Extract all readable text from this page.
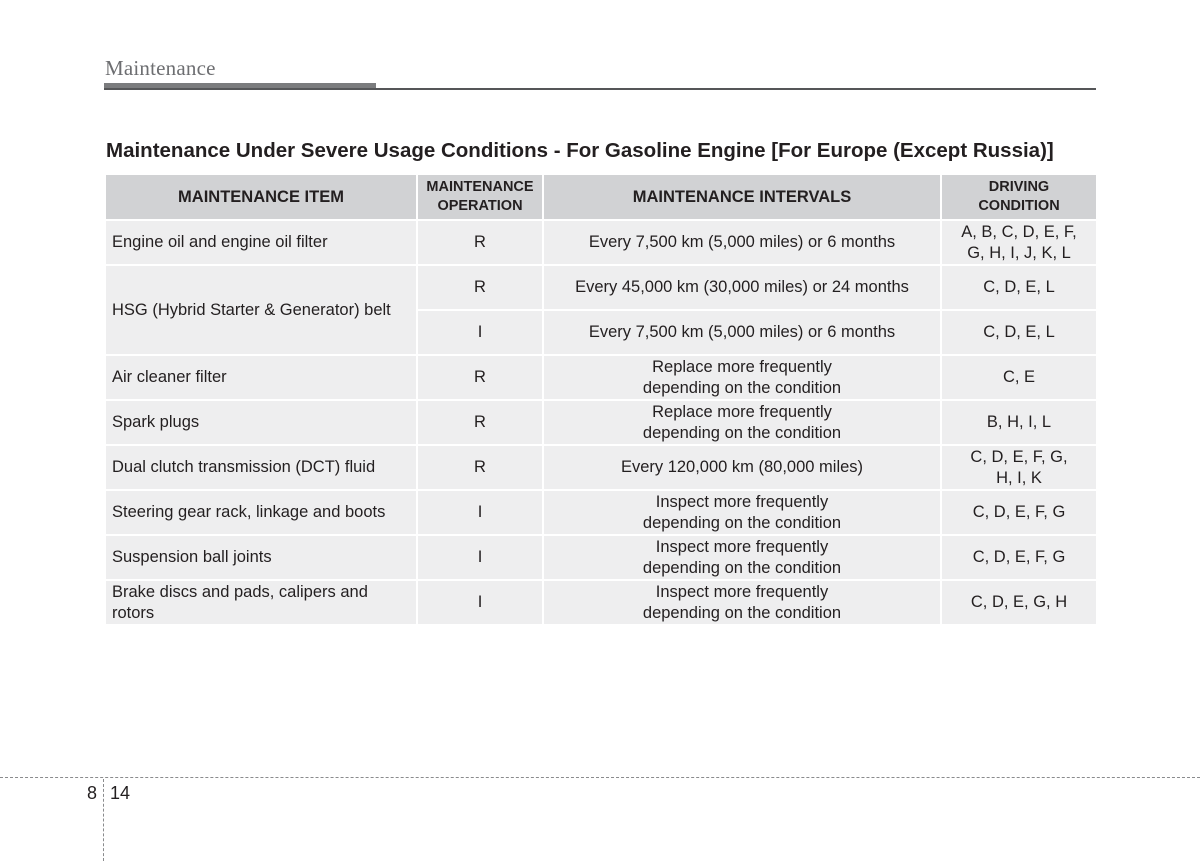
Maintenance
Maintenance Under Severe Usage Conditions - For Gasoline Engine [For Europe (Except Russia)]
MAINTENANCE ITEM	MAINTENANCE
OPERATION	MAINTENANCE INTERVALS	DRIVING
CONDITION

Engine oil and engine oil filter	R	Every 7,500 km (5,000 miles) or 6 months	A, B, C, D, E, F,
G, H, I, J, K, L

HSG (Hybrid Starter & Generator) belt	R	Every 45,000 km (30,000 miles) or 24 months	C, D, E, L

	I	Every 7,500 km (5,000 miles) or 6 months	C, D, E, L

Air cleaner filter	R	Replace more frequently
depending on the condition	C, E

Spark plugs	R	Replace more frequently
depending on the condition	B, H, I, L

Dual clutch transmission (DCT) fluid	R	Every 120,000 km (80,000 miles)	C, D, E, F, G,
H, I, K

Steering gear rack, linkage and boots	I	Inspect more frequently
depending on the condition	C, D, E, F, G

Suspension ball joints	I	Inspect more frequently
depending on the condition	C, D, E, F, G

Brake discs and pads, calipers and
rotors	I	Inspect more frequently
depending on the condition	C, D, E, G, H
8 14
